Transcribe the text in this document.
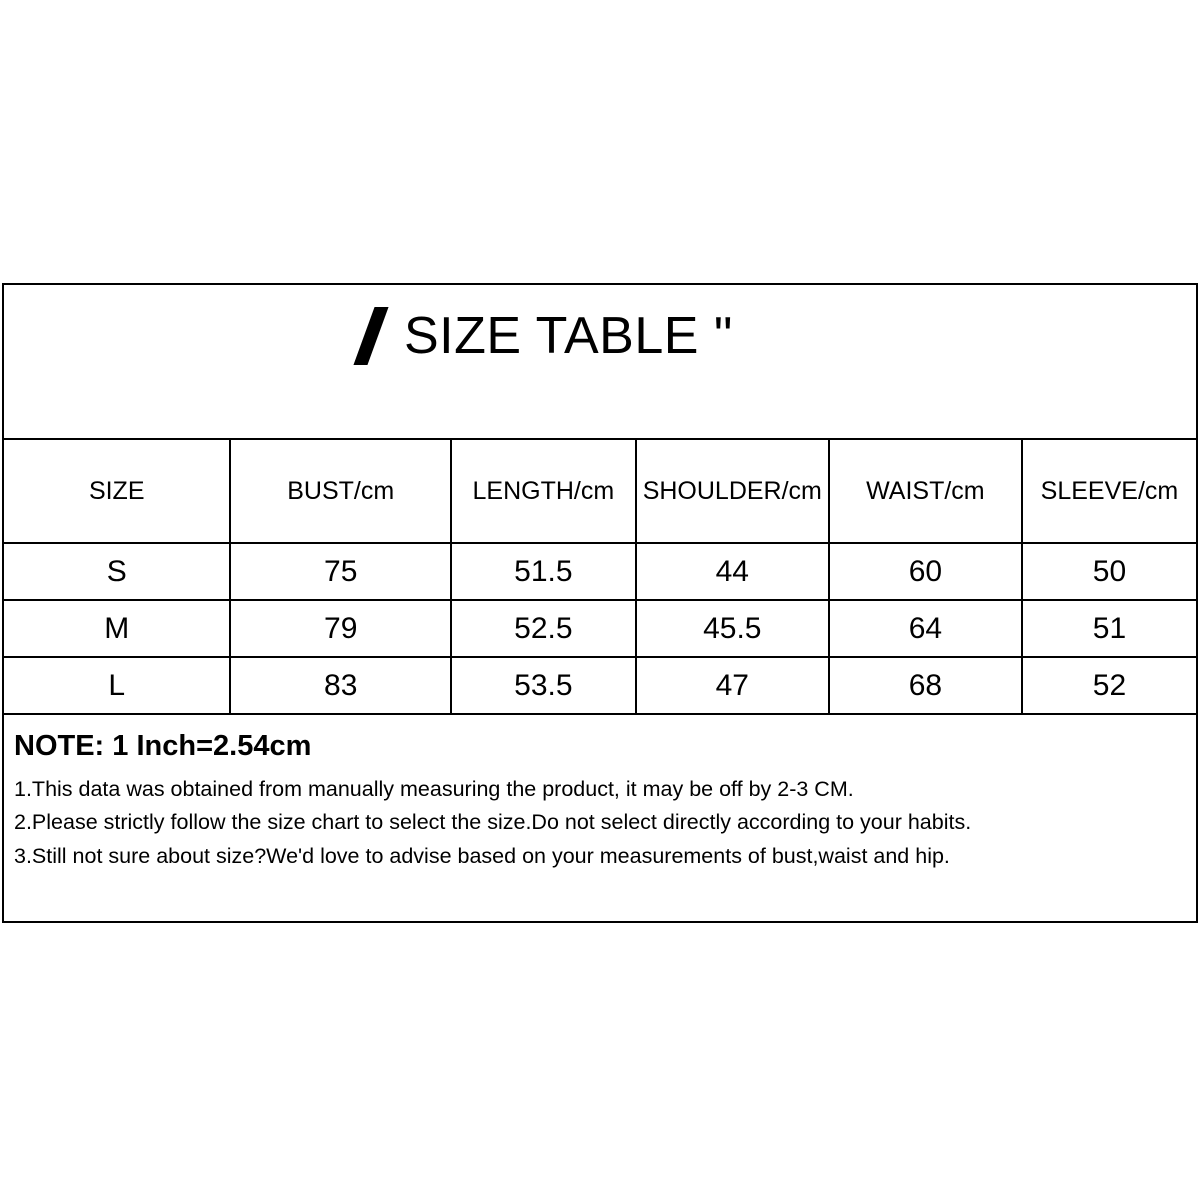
SIZE TABLE "
SIZE	BUST/cm	LENGTH/cm	SHOULDER/cm	WAIST/cm	SLEEVE/cm
S	75	51.5	44	60	50
M	79	52.5	45.5	64	51
L	83	53.5	47	68	52

NOTE: 1 Inch=2.54cm

1.This data was obtained from manually measuring the product, it may be off by 2-3 CM.

2.Please strictly follow the size chart to select the size.Do not select directly according to your habits.

3.Still not sure about size?We'd love to advise based on your measurements of bust,waist and hip.
